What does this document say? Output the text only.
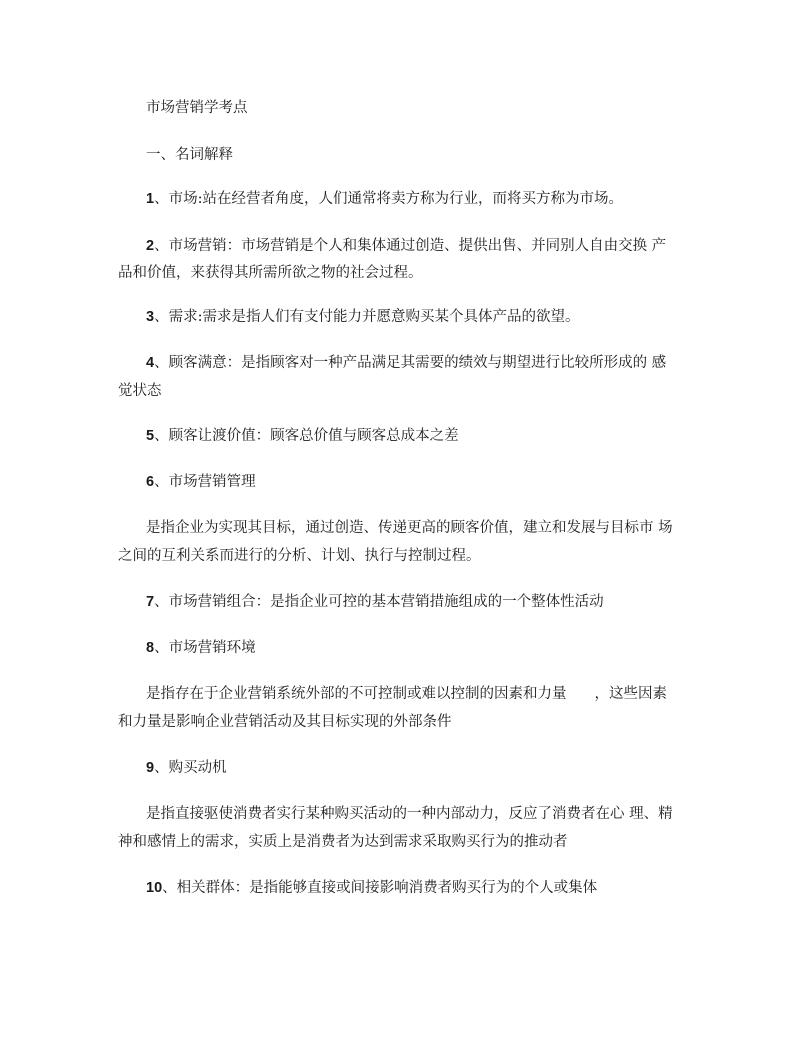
市场营销学考点
一、名词解释
1、市场:站在经营者角度，人们通常将卖方称为行业，而将买方称为市场。
2、市场营销：市场营销是个人和集体通过创造、提供出售、并同别人自由交换 产
品和价值，来获得其所需所欲之物的社会过程。
3、需求:需求是指人们有支付能力并愿意购买某个具体产品的欲望。
4、顾客满意：是指顾客对一种产品满足其需要的绩效与期望进行比较所形成的 感
觉状态
5、顾客让渡价值：顾客总价值与顾客总成本之差
6、市场营销管理
是指企业为实现其目标，通过创造、传递更高的顾客价值，建立和发展与目标市 场
之间的互利关系而进行的分析、计划、执行与控制过程。
7、市场营销组合：是指企业可控的基本营销措施组成的一个整体性活动
8、市场营销环境
是指存在于企业营销系统外部的不可控制或难以控制的因素和力量 ，这些因素
和力量是影响企业营销活动及其目标实现的外部条件
9、购买动机
是指直接驱使消费者实行某种购买活动的一种内部动力，反应了消费者在心 理、精
神和感情上的需求，实质上是消费者为达到需求采取购买行为的推动者
10、相关群体：是指能够直接或间接影响消费者购买行为的个人或集体
